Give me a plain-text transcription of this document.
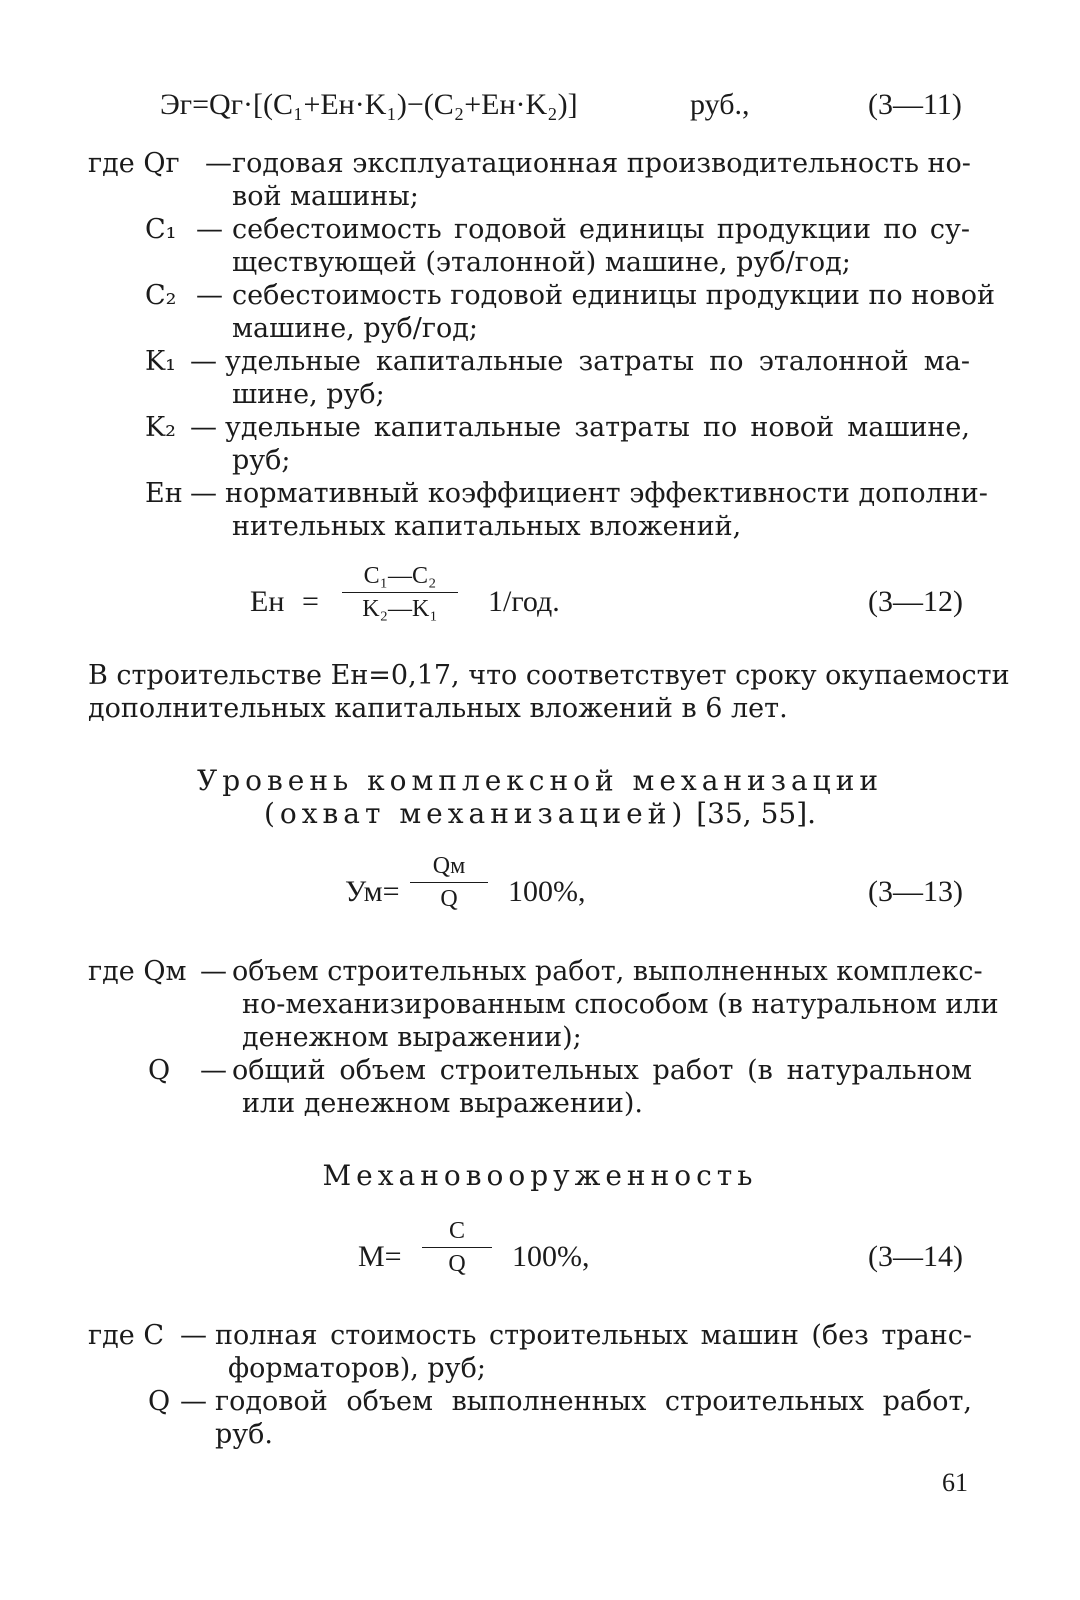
Эг=Qг·[(C₁+Eн·K₁)−(C₂+Eн·K₂)]	руб.,	(3—11)
где Qг — годовая эксплуатационная производительность но-
вой машины;
C₁ — себестоимость годовой единицы продукции по су-
ществующей (эталонной) машине, руб/год;
C₂ — себестоимость годовой единицы продукции по новой
машине, руб/год;
K₁ — удельные капитальные затраты по эталонной ма-
шине, руб;
K₂ — удельные капитальные затраты по новой машине,
руб;
Eн — нормативный коэффициент эффективности дополни-
нительных капитальных вложений,
Eн =
C₁—C₂
K₂—K₁	1/год.	(3—12)
В строительстве Eн=0,17, что соответствует сроку окупаемости
дополнительных капитальных вложений в 6 лет.
Уровень комплексной механизации
(охват механизацией) [35, 55].
Ум=
Qм
Q	100%,	(3—13)
где Qм — объем строительных работ, выполненных комплекс-
но-механизированным способом (в натуральном или
денежном выражении);
Q — общий объем строительных работ (в натуральном
или денежном выражении).
Механовооруженность
M=
C
Q	100%,	(3—14)
где C — полная стоимость строительных машин (без транс-
форматоров), руб;
Q — годовой объем выполненных строительных работ,
руб.
61
